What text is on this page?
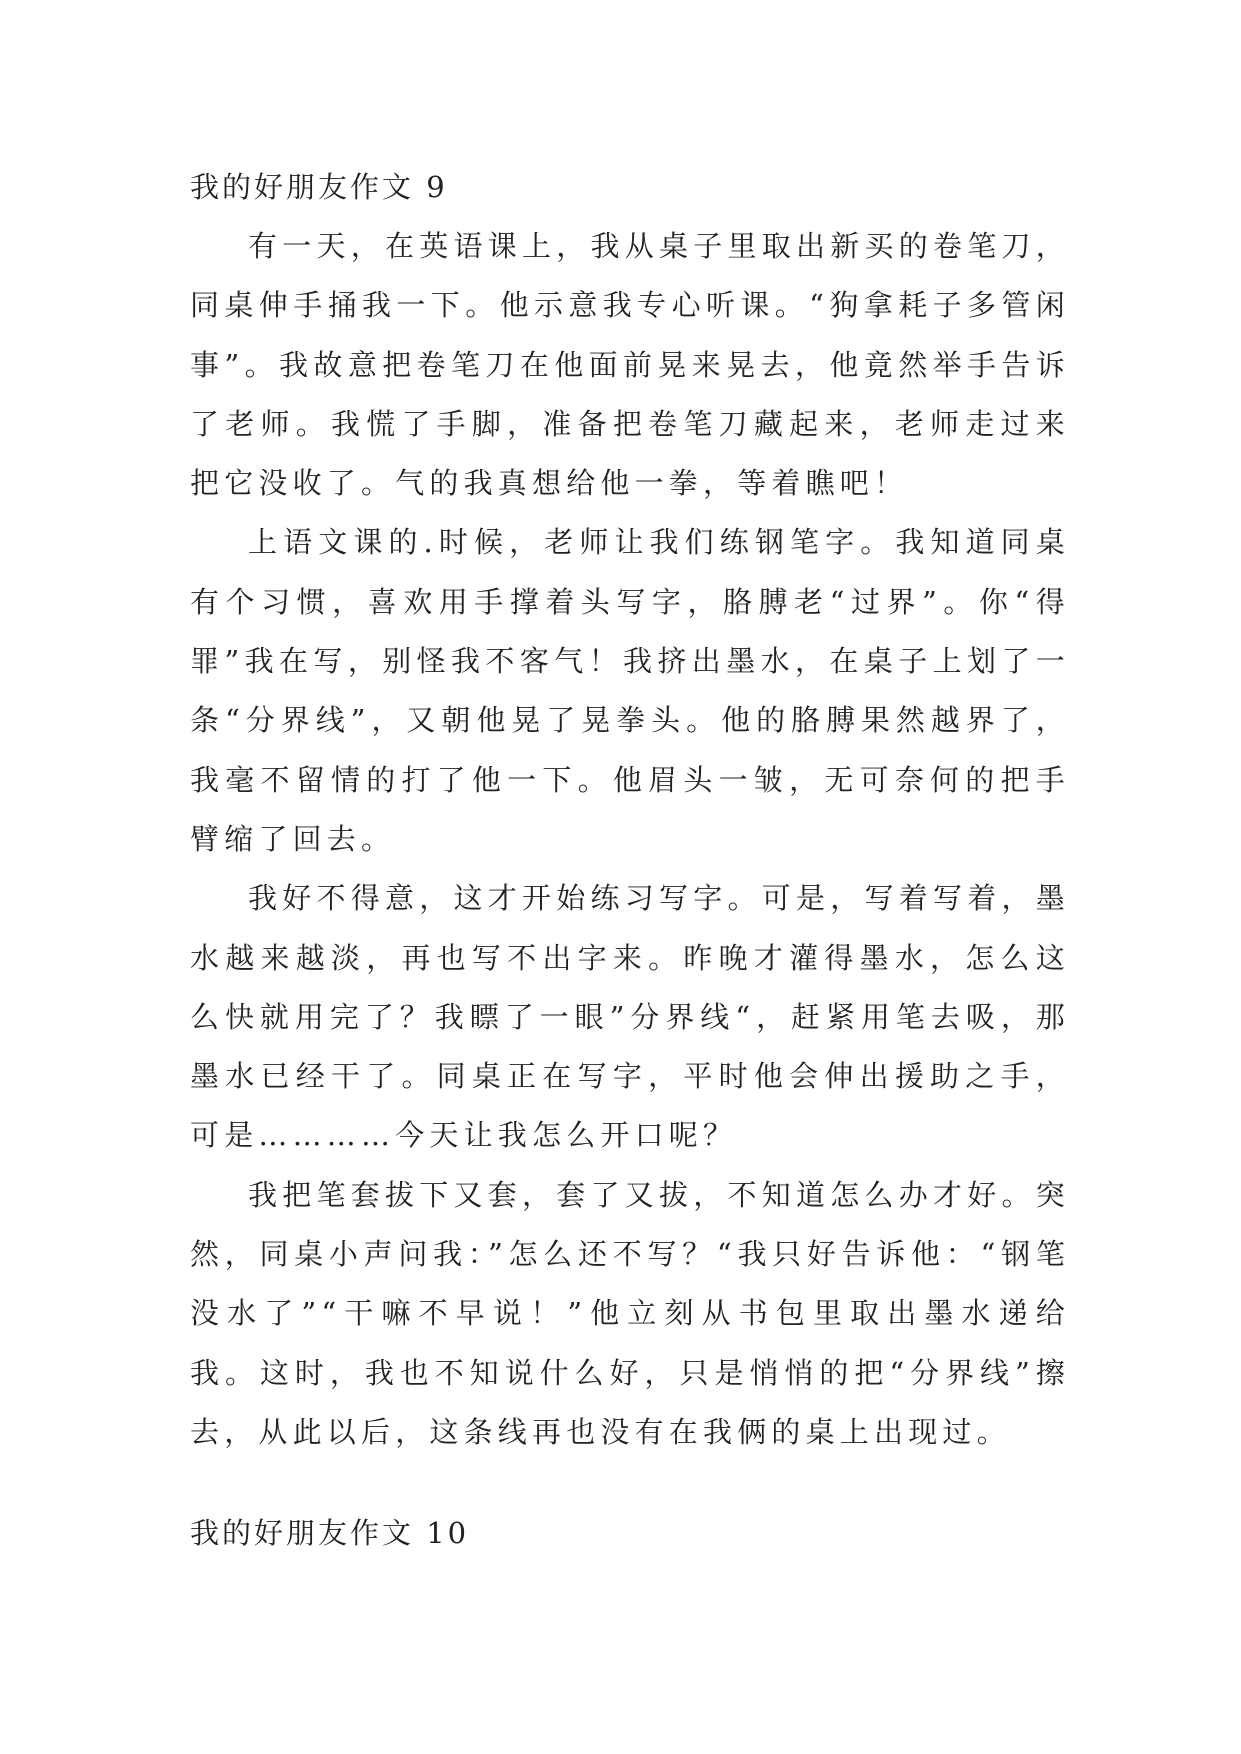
我的好朋友作文 9

有一天，在英语课上，我从桌子里取出新买的卷笔刀，同桌伸手捅我一下。他示意我专心听课。“狗拿耗子多管闲事”。我故意把卷笔刀在他面前晃来晃去，他竟然举手告诉了老师。我慌了手脚，准备把卷笔刀藏起来，老师走过来把它没收了。气的我真想给他一拳，等着瞧吧！

上语文课的.时候，老师让我们练钢笔字。我知道同桌有个习惯，喜欢用手撑着头写字，胳膊老“过界”。你“得罪”我在写，别怪我不客气！我挤出墨水，在桌子上划了一条“分界线”，又朝他晃了晃拳头。他的胳膊果然越界了，我毫不留情的打了他一下。他眉头一皱，无可奈何的把手臂缩了回去。

我好不得意，这才开始练习写字。可是，写着写着，墨水越来越淡，再也写不出字来。昨晚才灌得墨水，怎么这么快就用完了？我瞟了一眼”分界线“，赶紧用笔去吸，那墨水已经干了。同桌正在写字，平时他会伸出援助之手，可是…………今天让我怎么开口呢？

我把笔套拔下又套，套了又拔，不知道怎么办才好。突然，同桌小声问我：”怎么还不写？“我只好告诉他：“钢笔没水了”“干嘛不早说！”他立刻从书包里取出墨水递给我。这时，我也不知说什么好，只是悄悄的把“分界线”擦去，从此以后，这条线再也没有在我俩的桌上出现过。

我的好朋友作文 10
